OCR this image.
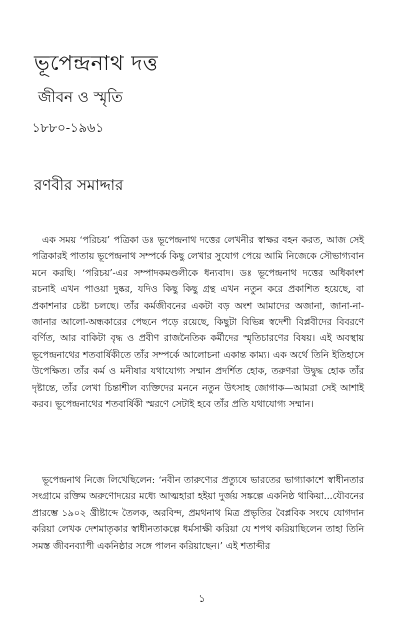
ভূপেন্দ্রনাথ দত্ত
জীবন ও স্মৃতি
১৮৮০-১৯৬১
রণবীর সমাদ্দার

এক সময় ‘পরিচয়’ পত্রিকা ডঃ ভূপেন্দ্রনাথ দত্তের লেখনীর স্বাক্ষর বহন করত, আজ সেই পত্রিকারই পাতায় ভূপেন্দ্রনাথ সম্পর্কে কিছু লেখার সুযোগ পেয়ে আমি নিজেকে সৌভাগ্যবান মনে করছি। ‘পরিচয়’-এর সম্পাদকমণ্ডলীকে ধন্যবাদ। ডঃ ভূপেন্দ্রনাথ দত্তের অধিকাংশ রচনাই এখন পাওয়া দুষ্কর, যদিও কিছু কিছু গ্রন্থ এখন নতুন করে প্রকাশিত হয়েছে, বা প্রকাশনার চেষ্টা চলছে। তাঁর কর্মজীবনের একটা বড় অংশ আমাদের অজানা, জানা-না-জানার আলো-অন্ধকারের পেছনে পড়ে রয়েছে, কিছুটা বিভিন্ন স্বদেশী বিপ্লবীদের বিবরণে বর্ণিত, আর বাকিটা বৃদ্ধ ও প্রবীণ রাজনৈতিক কর্মীদের স্মৃতিচারণের বিষয়। এই অবস্থায় ভূপেন্দ্রনাথের শতবার্ষিকীতে তাঁর সম্পর্কে আলোচনা একান্ত কাম্য। এক অর্থে তিনি ইতিহাসে উপেক্ষিত। তাঁর কর্ম ও মনীষার যথাযোগ্য সম্মান প্রদর্শিত হোক, তরুণরা উদ্বুদ্ধ হোক তাঁর দৃষ্টান্তে, তাঁর লেখা চিন্তাশীল ব্যক্তিদের মননে নতুন উৎসাহ জোগাক—আমরা সেই আশাই করব। ভূপেন্দ্রনাথের শতবার্ষিকী স্মরণে সেটাই হবে তাঁর প্রতি যথাযোগ্য সম্মান।

ভূপেন্দ্রনাথ নিজে লিখেছিলেন: ‘নবীন তারুণ্যের প্রত্যুষে ভারতের ভাগ্যাকাশে স্বাধীনতার সংগ্রামে রক্তিম অরুণোদয়ের মধ্যে আত্মহারা হইয়া দুর্জয় সঙ্কল্পে একনিষ্ঠ থাকিয়া...যৌবনের প্রারম্ভে ১৯০২ খ্রীষ্টাব্দে তৈলক, অরবিন্দ, প্রমথনাথ মিত্র প্রভৃতির বৈপ্লবিক সংঘে যোগদান করিয়া লেখক দেশমাতৃকার স্বাধীনতাকল্পে ধর্মসাক্ষী করিয়া যে শপথ করিয়াছিলেন তাহা তিনি সমস্ত জীবনব্যাপী একনিষ্ঠার সঙ্গে পালন করিয়াছেন।’ এই শতাব্দীর

১
